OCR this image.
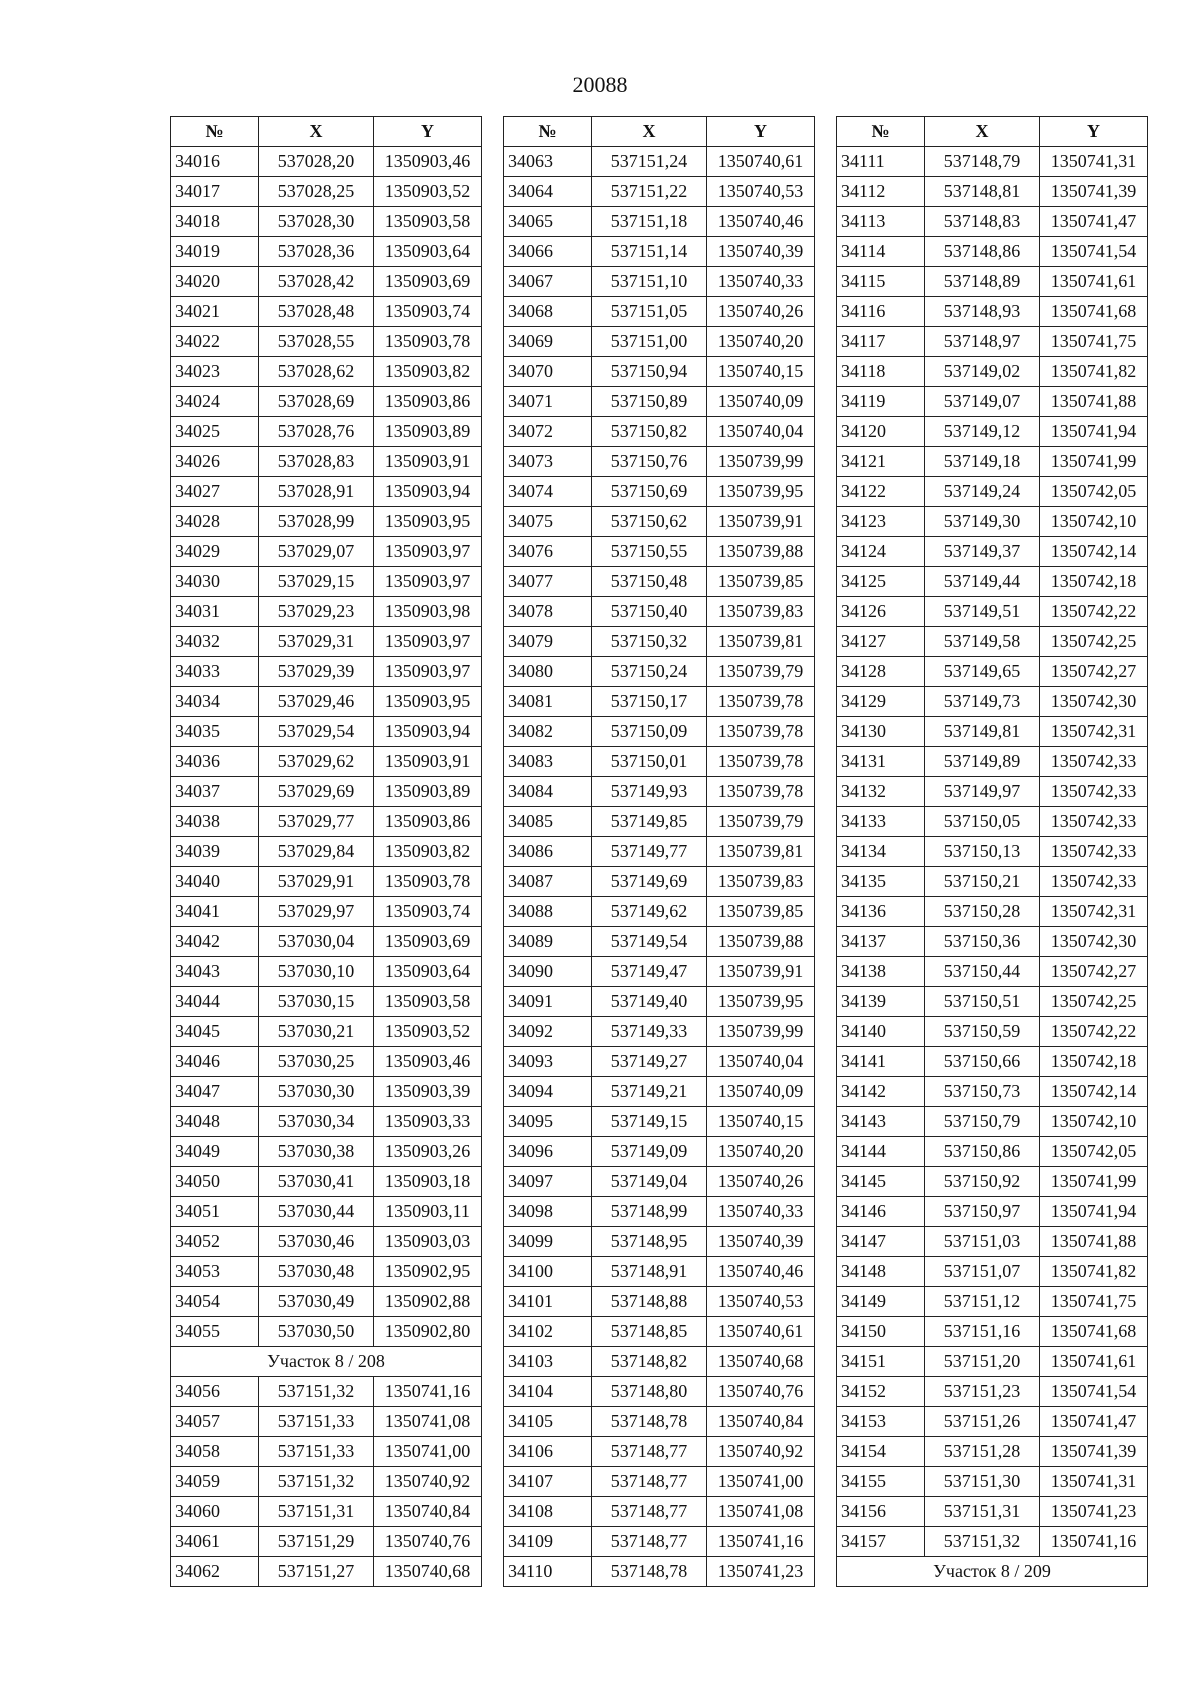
20088
№	X	Y
34016	537028,20	1350903,46
34017	537028,25	1350903,52
34018	537028,30	1350903,58
34019	537028,36	1350903,64
34020	537028,42	1350903,69
34021	537028,48	1350903,74
34022	537028,55	1350903,78
34023	537028,62	1350903,82
34024	537028,69	1350903,86
34025	537028,76	1350903,89
34026	537028,83	1350903,91
34027	537028,91	1350903,94
34028	537028,99	1350903,95
34029	537029,07	1350903,97
34030	537029,15	1350903,97
34031	537029,23	1350903,98
34032	537029,31	1350903,97
34033	537029,39	1350903,97
34034	537029,46	1350903,95
34035	537029,54	1350903,94
34036	537029,62	1350903,91
34037	537029,69	1350903,89
34038	537029,77	1350903,86
34039	537029,84	1350903,82
34040	537029,91	1350903,78
34041	537029,97	1350903,74
34042	537030,04	1350903,69
34043	537030,10	1350903,64
34044	537030,15	1350903,58
34045	537030,21	1350903,52
34046	537030,25	1350903,46
34047	537030,30	1350903,39
34048	537030,34	1350903,33
34049	537030,38	1350903,26
34050	537030,41	1350903,18
34051	537030,44	1350903,11
34052	537030,46	1350903,03
34053	537030,48	1350902,95
34054	537030,49	1350902,88
34055	537030,50	1350902,80
Участок 8 / 208		
34056	537151,32	1350741,16
34057	537151,33	1350741,08
34058	537151,33	1350741,00
34059	537151,32	1350740,92
34060	537151,31	1350740,84
34061	537151,29	1350740,76
34062	537151,27	1350740,68
№	X	Y
34063	537151,24	1350740,61
34064	537151,22	1350740,53
34065	537151,18	1350740,46
34066	537151,14	1350740,39
34067	537151,10	1350740,33
34068	537151,05	1350740,26
34069	537151,00	1350740,20
34070	537150,94	1350740,15
34071	537150,89	1350740,09
34072	537150,82	1350740,04
34073	537150,76	1350739,99
34074	537150,69	1350739,95
34075	537150,62	1350739,91
34076	537150,55	1350739,88
34077	537150,48	1350739,85
34078	537150,40	1350739,83
34079	537150,32	1350739,81
34080	537150,24	1350739,79
34081	537150,17	1350739,78
34082	537150,09	1350739,78
34083	537150,01	1350739,78
34084	537149,93	1350739,78
34085	537149,85	1350739,79
34086	537149,77	1350739,81
34087	537149,69	1350739,83
34088	537149,62	1350739,85
34089	537149,54	1350739,88
34090	537149,47	1350739,91
34091	537149,40	1350739,95
34092	537149,33	1350739,99
34093	537149,27	1350740,04
34094	537149,21	1350740,09
34095	537149,15	1350740,15
34096	537149,09	1350740,20
34097	537149,04	1350740,26
34098	537148,99	1350740,33
34099	537148,95	1350740,39
34100	537148,91	1350740,46
34101	537148,88	1350740,53
34102	537148,85	1350740,61
34103	537148,82	1350740,68
34104	537148,80	1350740,76
34105	537148,78	1350740,84
34106	537148,77	1350740,92
34107	537148,77	1350741,00
34108	537148,77	1350741,08
34109	537148,77	1350741,16
34110	537148,78	1350741,23
№	X	Y
34111	537148,79	1350741,31
34112	537148,81	1350741,39
34113	537148,83	1350741,47
34114	537148,86	1350741,54
34115	537148,89	1350741,61
34116	537148,93	1350741,68
34117	537148,97	1350741,75
34118	537149,02	1350741,82
34119	537149,07	1350741,88
34120	537149,12	1350741,94
34121	537149,18	1350741,99
34122	537149,24	1350742,05
34123	537149,30	1350742,10
34124	537149,37	1350742,14
34125	537149,44	1350742,18
34126	537149,51	1350742,22
34127	537149,58	1350742,25
34128	537149,65	1350742,27
34129	537149,73	1350742,30
34130	537149,81	1350742,31
34131	537149,89	1350742,33
34132	537149,97	1350742,33
34133	537150,05	1350742,33
34134	537150,13	1350742,33
34135	537150,21	1350742,33
34136	537150,28	1350742,31
34137	537150,36	1350742,30
34138	537150,44	1350742,27
34139	537150,51	1350742,25
34140	537150,59	1350742,22
34141	537150,66	1350742,18
34142	537150,73	1350742,14
34143	537150,79	1350742,10
34144	537150,86	1350742,05
34145	537150,92	1350741,99
34146	537150,97	1350741,94
34147	537151,03	1350741,88
34148	537151,07	1350741,82
34149	537151,12	1350741,75
34150	537151,16	1350741,68
34151	537151,20	1350741,61
34152	537151,23	1350741,54
34153	537151,26	1350741,47
34154	537151,28	1350741,39
34155	537151,30	1350741,31
34156	537151,31	1350741,23
34157	537151,32	1350741,16
Участок 8 / 209		
